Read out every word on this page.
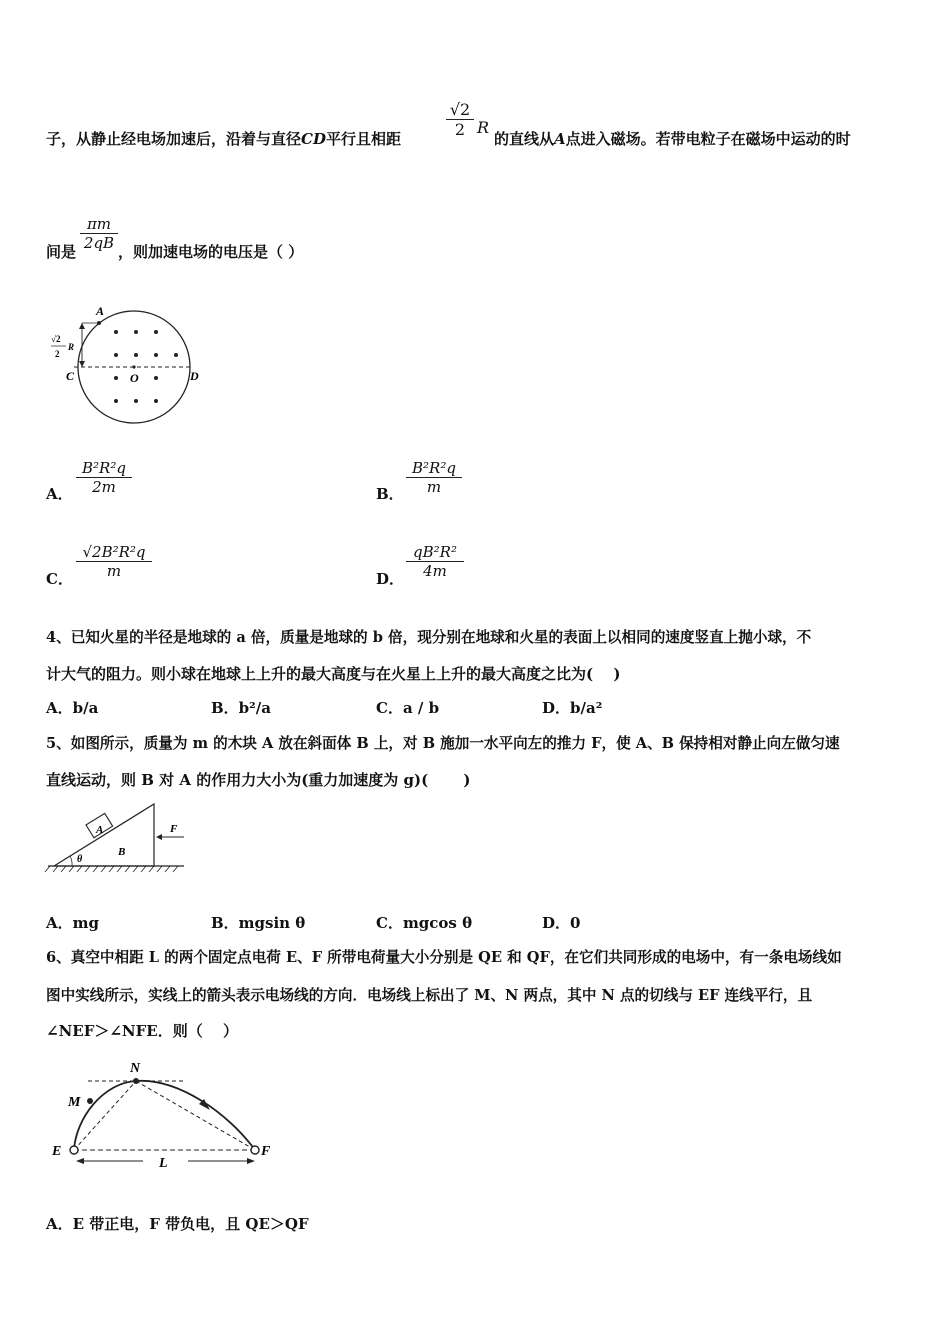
子，从静止经电场加速后，沿着与直径CD平行且相距
√2
2 R
的直线从A点进入磁场。若带电粒子在磁场中运动的时
间是
πm
2qB ，则加速电场的电压是（ ）
A
C	O	D
√2
2
R
A．
B²R²q
2m	B．
B²R²q
m
C．
√2B²R²q
m	D．
qB²R²
4m
4、已知火星的半径是地球的 a 倍，质量是地球的 b 倍，现分别在地球和火星的表面上以相同的速度竖直上抛小球，不
计大气的阻力。则小球在地球上上升的最大高度与在火星上上升的最大高度之比为(　 )
A．b/a	B．b²/a	C．a / b	D．b/a²
5、如图所示，质量为 m 的木块 A 放在斜面体 B 上，对 B 施加一水平向左的推力 F，使 A、B 保持相对静止向左做匀速
直线运动，则 B 对 A 的作用力大小为(重力加速度为 g)(　　 )
A
B
F
θ
A．mg	B．mgsin θ	C．mgcos θ	D．0
6、真空中相距 L 的两个固定点电荷 E、F 所带电荷量大小分别是 QE 和 QF，在它们共同形成的电场中，有一条电场线如
图中实线所示，实线上的箭头表示电场线的方向．电场线上标出了 M、N 两点，其中 N 点的切线与 EF 连线平行，且
∠NEF＞∠NFE．则（　 ）
N
M
E	F
L
A．E 带正电，F 带负电，且 QE＞QF
